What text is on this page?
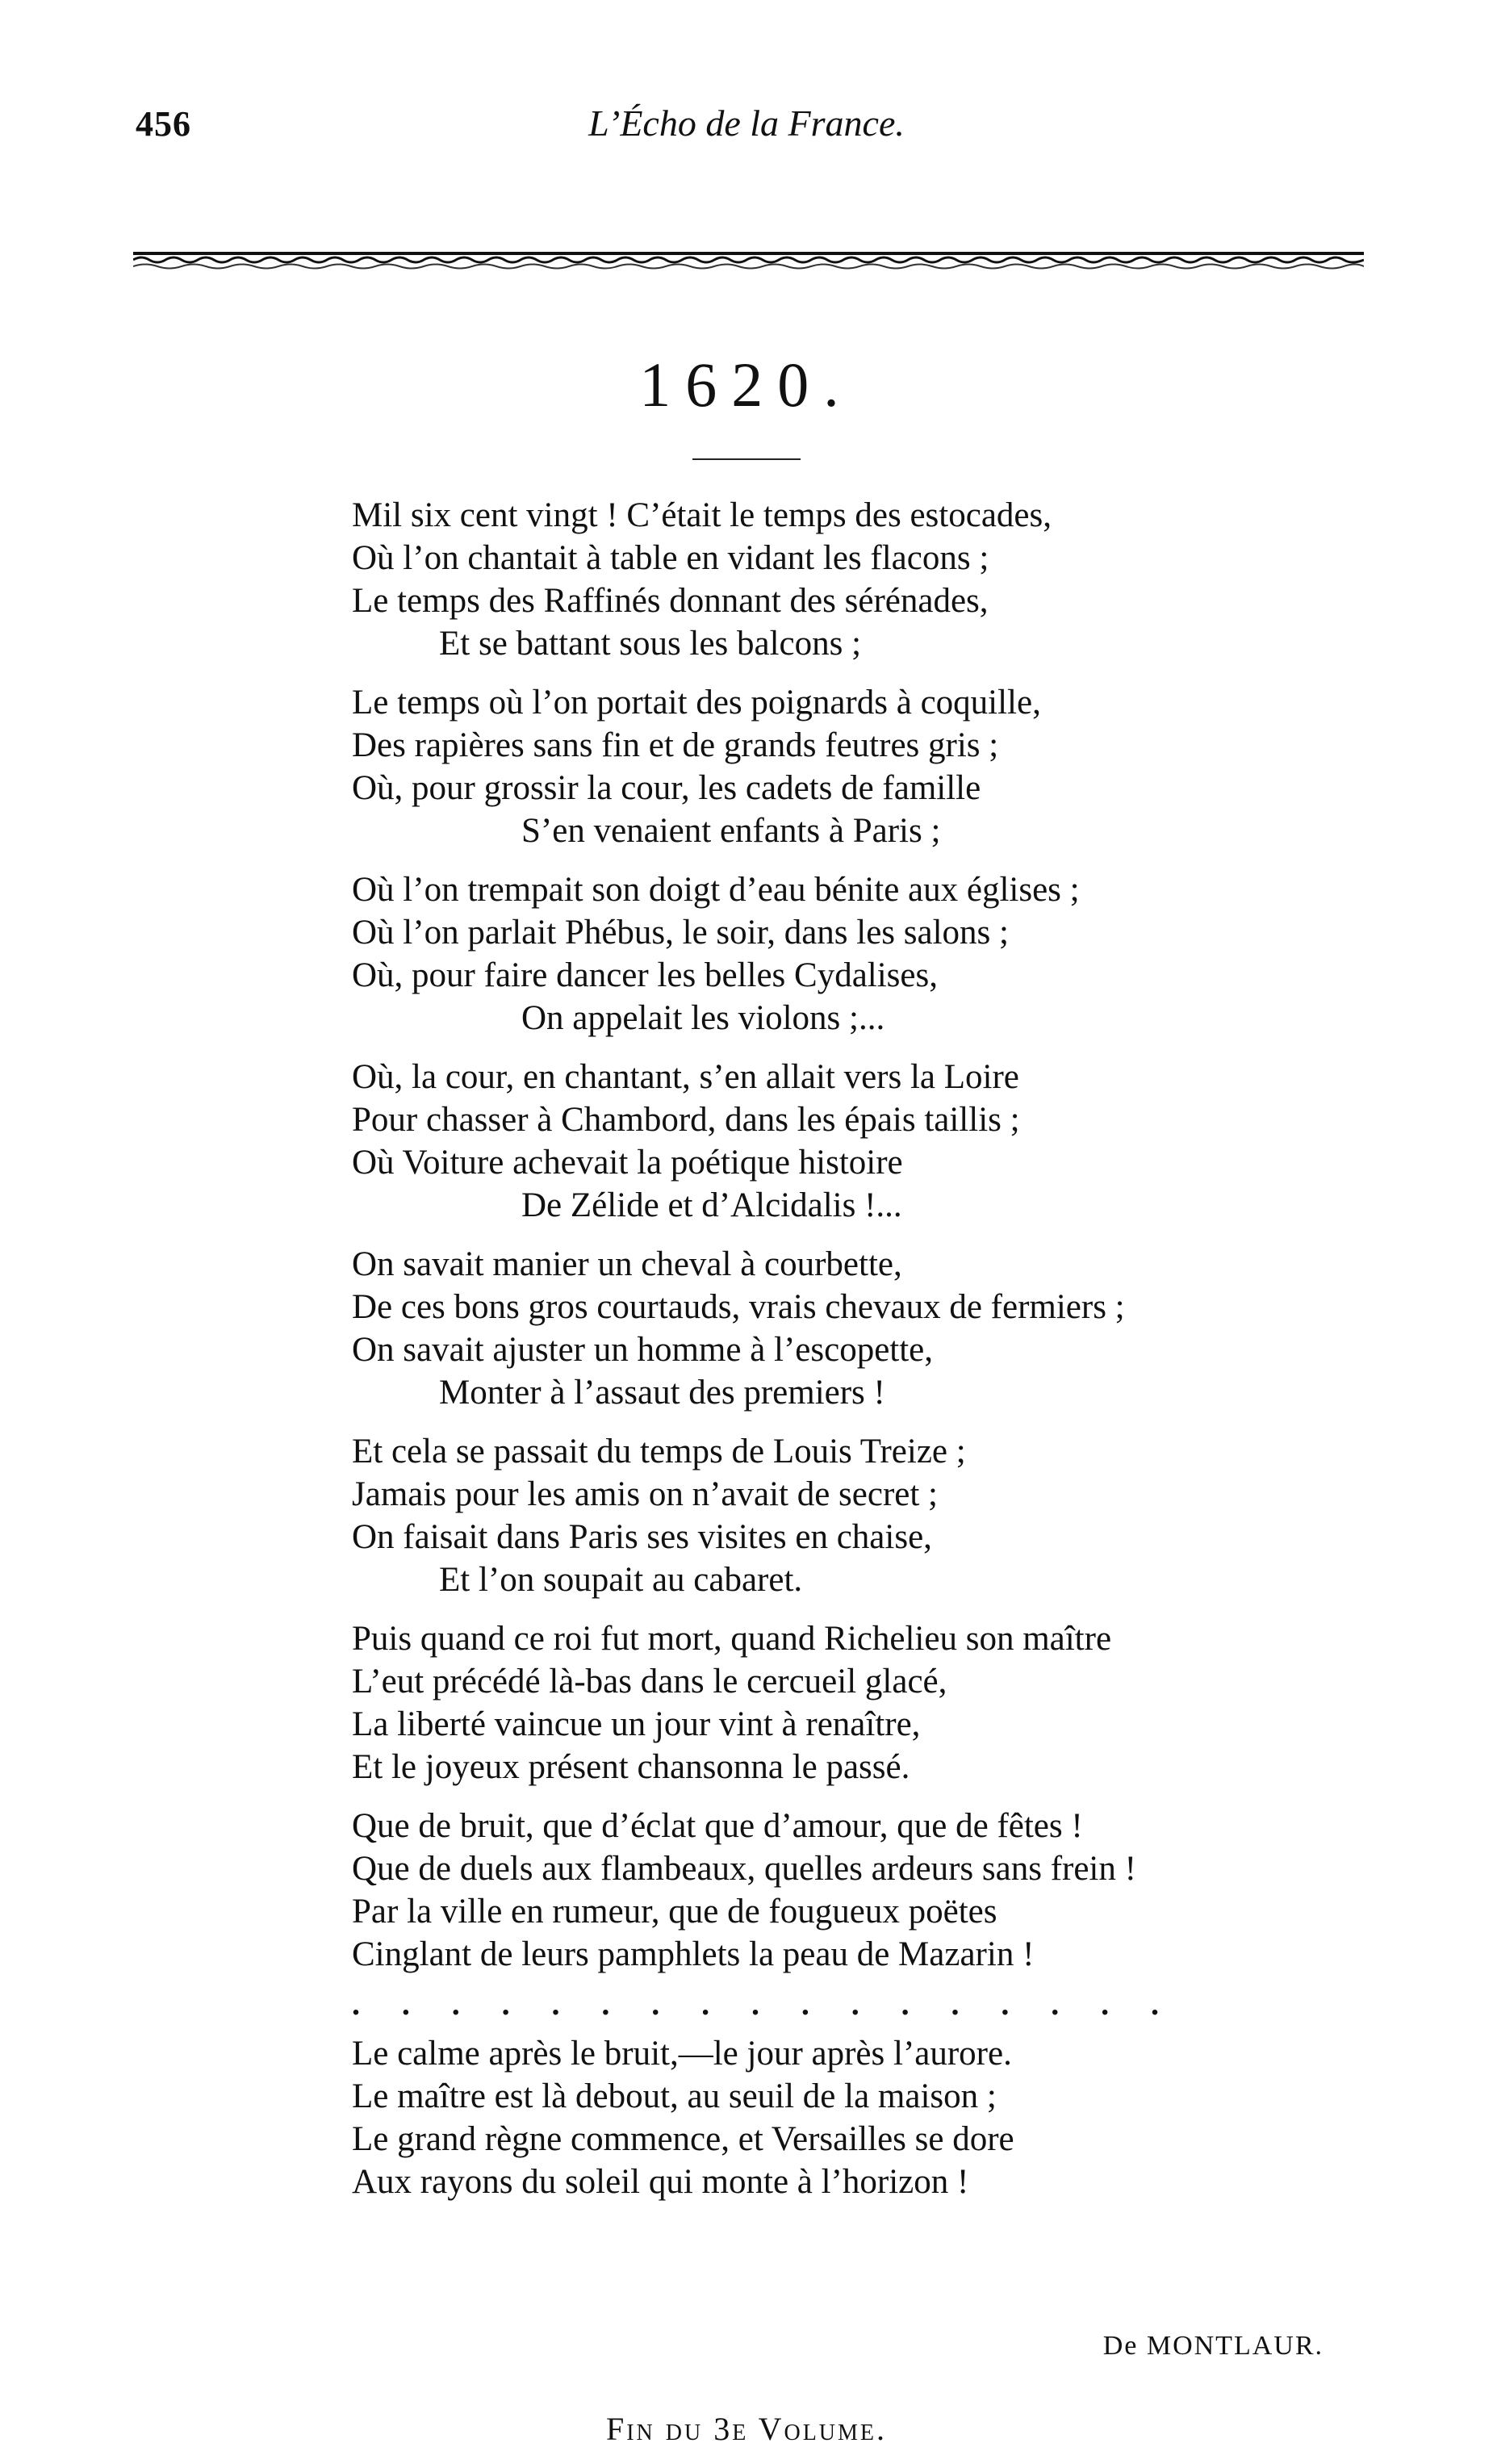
456	L’Écho de la France.
1620.
Mil six cent vingt ! C’était le temps des estocades,
Où l’on chantait à table en vidant les flacons ;
Le temps des Raffinés donnant des sérénades,
Et se battant sous les balcons ;
Le temps où l’on portait des poignards à coquille,
Des rapières sans fin et de grands feutres gris ;
Où, pour grossir la cour, les cadets de famille
S’en venaient enfants à Paris ;
Où l’on trempait son doigt d’eau bénite aux églises ;
Où l’on parlait Phébus, le soir, dans les salons ;
Où, pour faire dancer les belles Cydalises,
On appelait les violons ;...
Où, la cour, en chantant, s’en allait vers la Loire
Pour chasser à Chambord, dans les épais taillis ;
Où Voiture achevait la poétique histoire
De Zélide et d’Alcidalis !...
On savait manier un cheval à courbette,
De ces bons gros courtauds, vrais chevaux de fermiers ;
On savait ajuster un homme à l’escopette,
Monter à l’assaut des premiers !
Et cela se passait du temps de Louis Treize ;
Jamais pour les amis on n’avait de secret ;
On faisait dans Paris ses visites en chaise,
Et l’on soupait au cabaret.
Puis quand ce roi fut mort, quand Richelieu son maître
L’eut précédé là-bas dans le cercueil glacé,
La liberté vaincue un jour vint à renaître,
Et le joyeux présent chansonna le passé.
Que de bruit, que d’éclat que d’amour, que de fêtes !
Que de duels aux flambeaux, quelles ardeurs sans frein !
Par la ville en rumeur, que de fougueux poëtes
Cinglant de leurs pamphlets la peau de Mazarin !
. . . . . . . . . . . . . . . . .
Le calme après le bruit,—le jour après l’aurore.
Le maître est là debout, au seuil de la maison ;
Le grand règne commence, et Versailles se dore
Aux rayons du soleil qui monte à l’horizon !
De MONTLAUR.
Fin du 3e Volume.
